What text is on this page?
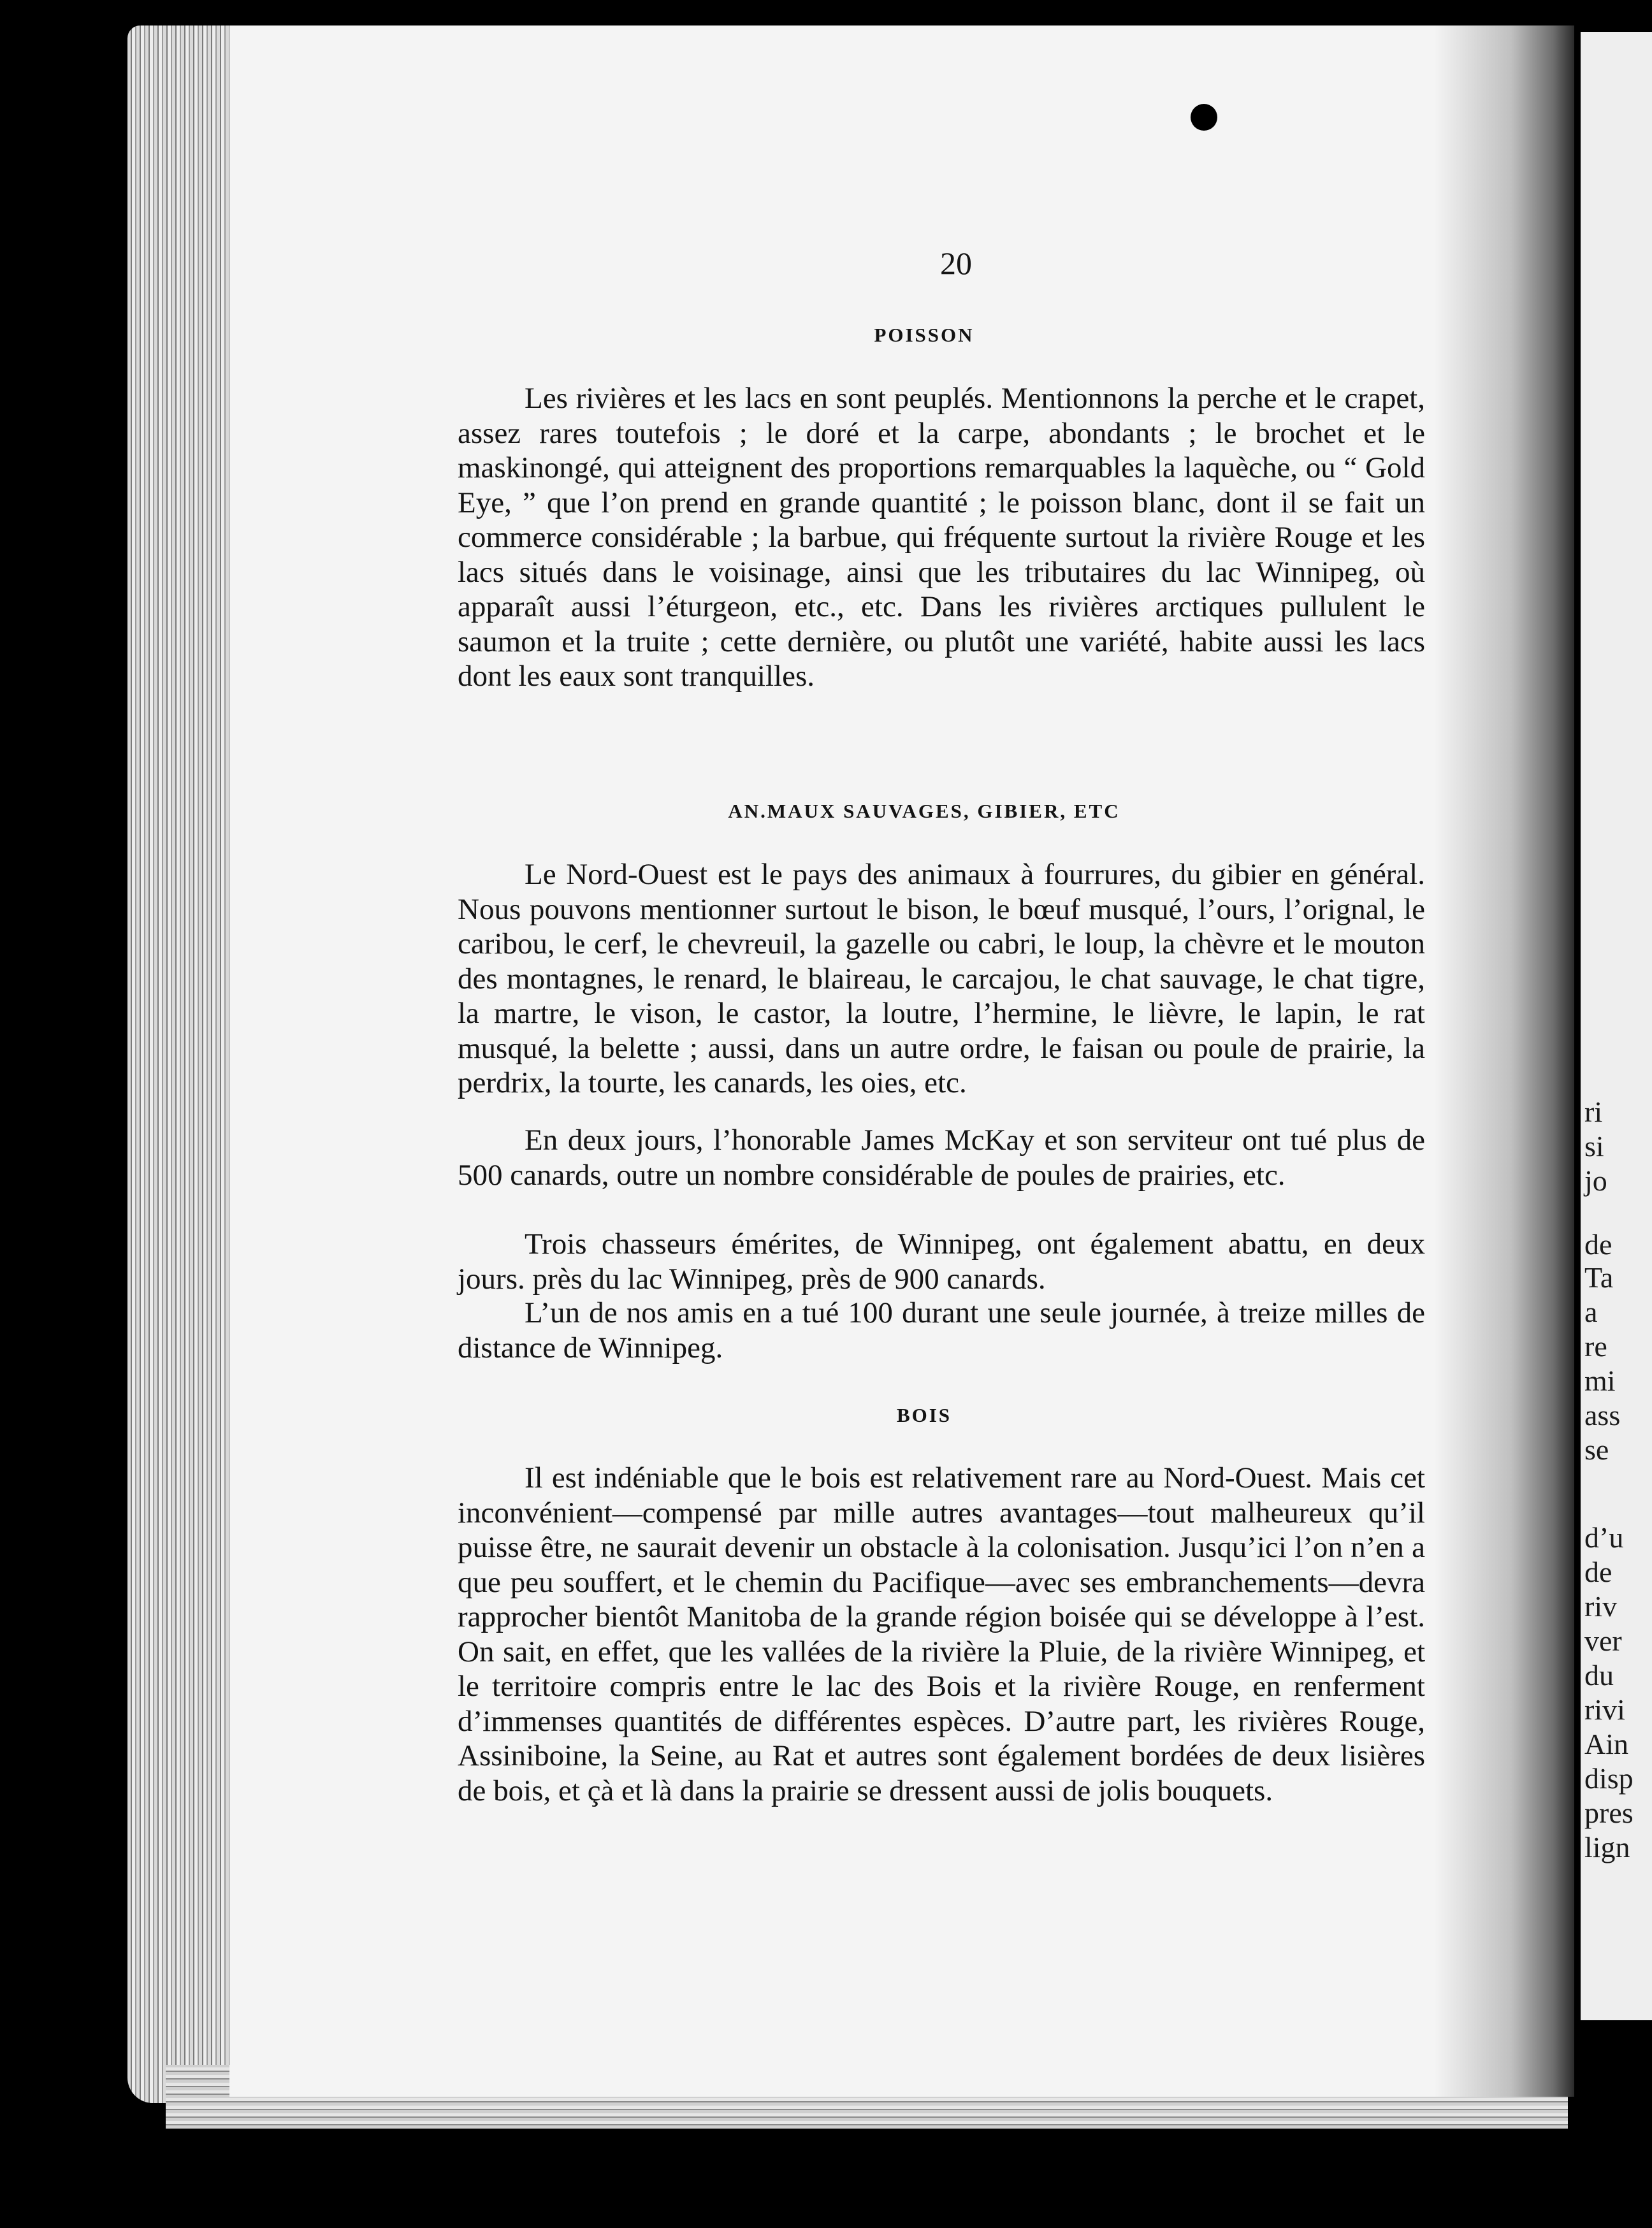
20
POISSON

Les rivières et les lacs en sont peuplés. Mentionnons la perche et le crapet, assez rares toutefois ; le doré et la carpe, abondants ; le brochet et le maskinongé, qui atteignent des proportions remarquables la laquèche, ou “ Gold Eye, ” que l’on prend en grande quantité ; le poisson blanc, dont il se fait un commerce considérable ; la barbue, qui fréquente surtout la rivière Rouge et les lacs situés dans le voisinage, ainsi que les tributaires du lac Winnipeg, où apparaît aussi l’éturgeon, etc., etc. Dans les rivières arctiques pullulent le saumon et la truite ; cette dernière, ou plutôt une variété, habite aussi les lacs dont les eaux sont tranquilles.

AN.MAUX SAUVAGES, GIBIER, ETC

Le Nord-Ouest est le pays des animaux à fourrures, du gibier en général. Nous pouvons mentionner surtout le bison, le bœuf musqué, l’ours, l’orignal, le caribou, le cerf, le chevreuil, la gazelle ou cabri, le loup, la chèvre et le mouton des montagnes, le renard, le blaireau, le carcajou, le chat sauvage, le chat tigre, la martre, le vison, le castor, la loutre, l’hermine, le lièvre, le lapin, le rat musqué, la belette ; aussi, dans un autre ordre, le faisan ou poule de prairie, la perdrix, la tourte, les canards, les oies, etc.

En deux jours, l’honorable James McKay et son serviteur ont tué plus de 500 canards, outre un nombre considérable de poules de prairies, etc.

Trois chasseurs émérites, de Winnipeg, ont également abattu, en deux jours. près du lac Winnipeg, près de 900 canards.

L’un de nos amis en a tué 100 durant une seule journée, à treize milles de distance de Winnipeg.

BOIS

Il est indéniable que le bois est relativement rare au Nord-Ouest. Mais cet inconvénient—compensé par mille autres avantages—tout malheureux qu’il puisse être, ne saurait devenir un obstacle à la colonisation. Jusqu’ici l’on n’en a que peu souffert, et le chemin du Pacifique—avec ses embranchements—devra rapprocher bientôt Manitoba de la grande région boisée qui se développe à l’est. On sait, en effet, que les vallées de la rivière la Pluie, de la rivière Winnipeg, et le territoire compris entre le lac des Bois et la rivière Rouge, en renferment d’immenses quantités de différentes espèces. D’autre part, les rivières Rouge, Assiniboine, la Seine, au Rat et autres sont également bordées de deux lisières de bois, et çà et là dans la prairie se dressent aussi de jolis bouquets.

ri
si
jo
de
Ta
a
re
mi
ass
se
d’u
de
riv
ver
du
rivi
Ain
disp
pres
lign
